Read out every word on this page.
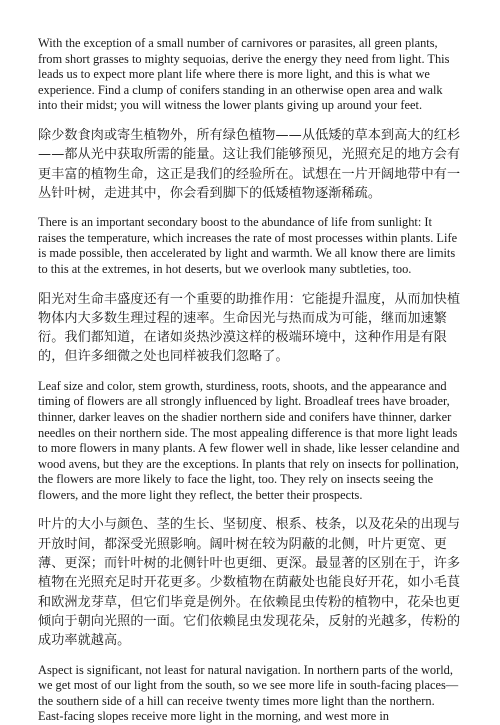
With the exception of a small number of carnivores or parasites, all green plants, from short grasses to mighty sequoias, derive the energy they need from light. This leads us to expect more plant life where there is more light, and this is what we experience. Find a clump of conifers standing in an otherwise open area and walk into their midst; you will witness the lower plants giving up around your feet.

除少数食肉或寄生植物外，所有绿色植物——从低矮的草本到高大的红杉——都从光中获取所需的能量。这让我们能够预见，光照充足的地方会有更丰富的植物生命，这正是我们的经验所在。试想在一片开阔地带中有一丛针叶树，走进其中，你会看到脚下的低矮植物逐渐稀疏。

There is an important secondary boost to the abundance of life from sunlight: It raises the temperature, which increases the rate of most processes within plants. Life is made possible, then accelerated by light and warmth. We all know there are limits to this at the extremes, in hot deserts, but we overlook many subtleties, too.

阳光对生命丰盛度还有一个重要的助推作用：它能提升温度，从而加快植物体内大多数生理过程的速率。生命因光与热而成为可能，继而加速繁衍。我们都知道，在诸如炎热沙漠这样的极端环境中，这种作用是有限的，但许多细微之处也同样被我们忽略了。

Leaf size and color, stem growth, sturdiness, roots, shoots, and the appearance and timing of flowers are all strongly influenced by light. Broadleaf trees have broader, thinner, darker leaves on the shadier northern side and conifers have thinner, darker needles on their northern side. The most appealing difference is that more light leads to more flowers in many plants. A few flower well in shade, like lesser celandine and wood avens, but they are the exceptions. In plants that rely on insects for pollination, the flowers are more likely to face the light, too. They rely on insects seeing the flowers, and the more light they reflect, the better their prospects.

叶片的大小与颜色、茎的生长、坚韧度、根系、枝条，以及花朵的出现与开放时间，都深受光照影响。阔叶树在较为阴蔽的北侧，叶片更宽、更薄、更深；而针叶树的北侧针叶也更细、更深。最显著的区别在于，许多植物在光照充足时开花更多。少数植物在荫蔽处也能良好开花，如小毛茛和欧洲龙芽草，但它们毕竟是例外。在依赖昆虫传粉的植物中，花朵也更倾向于朝向光照的一面。它们依赖昆虫发现花朵，反射的光越多，传粉的成功率就越高。

Aspect is significant, not least for natural navigation. In northern parts of the world, we get most of our light from the south, so we see more life in south-facing places—the southern side of a hill can receive twenty times more light than the northern. East-facing slopes receive more light in the morning, and west more in
